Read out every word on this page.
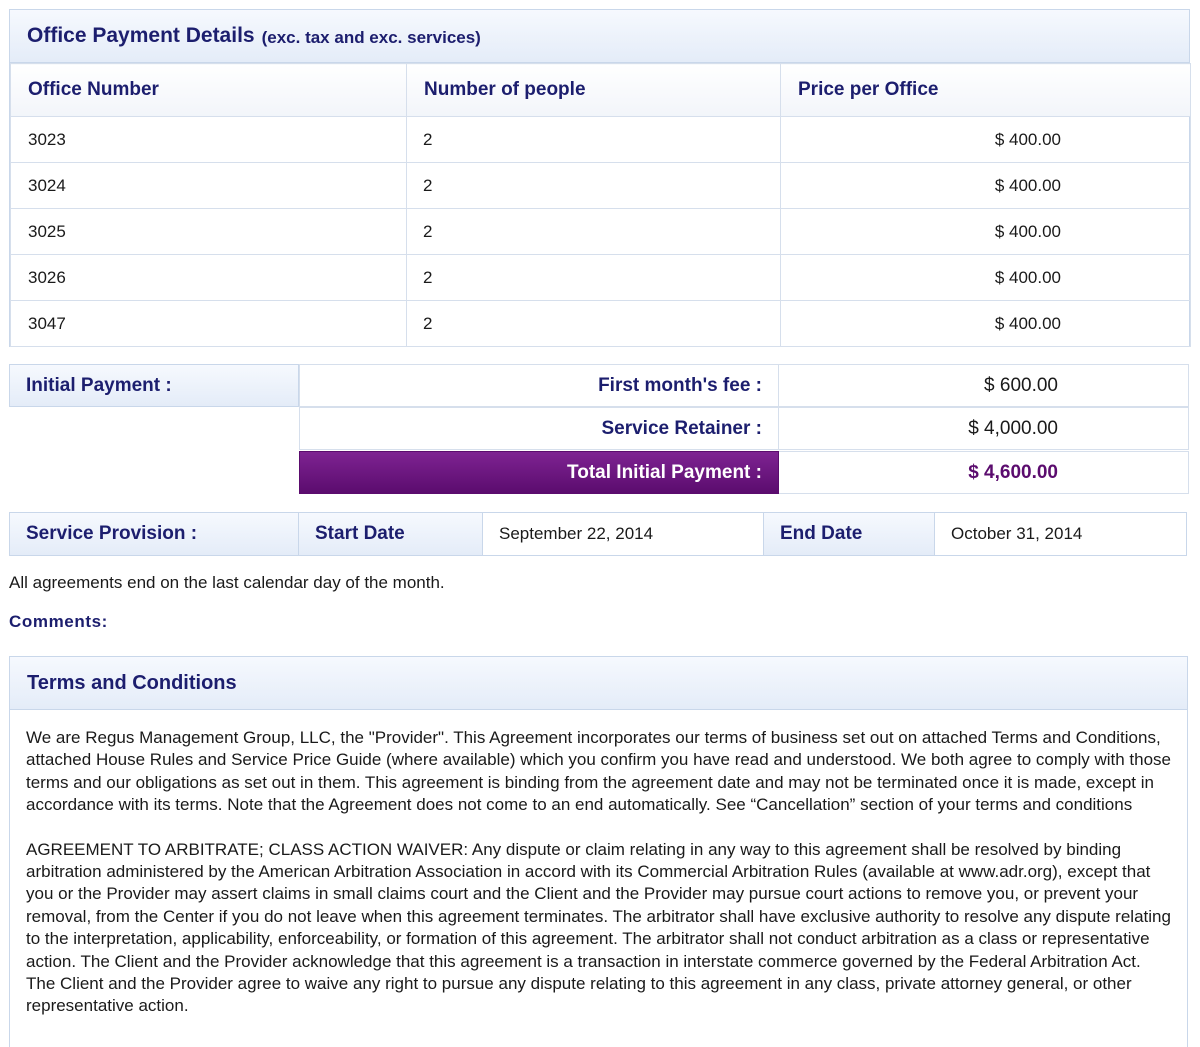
Office Payment Details (exc. tax and exc. services)
Office Number	Number of people	Price per Office
3023	2	$ 400.00
3024	2	$ 400.00
3025	2	$ 400.00
3026	2	$ 400.00
3047	2	$ 400.00
Initial Payment :	First month's fee :	$ 600.00
Service Retainer :	$ 4,000.00
Total Initial Payment :	$ 4,600.00
Service Provision :	Start Date	September 22, 2014	End Date	October 31, 2014
All agreements end on the last calendar day of the month.
Comments:
Terms and Conditions

We are Regus Management Group, LLC, the "Provider". This Agreement incorporates our terms of business set out on attached Terms and Conditions, attached House Rules and Service Price Guide (where available) which you confirm you have read and understood. We both agree to comply with those terms and our obligations as set out in them. This agreement is binding from the agreement date and may not be terminated once it is made, except in accordance with its terms. Note that the Agreement does not come to an end automatically. See “Cancellation” section of your terms and conditions

AGREEMENT TO ARBITRATE; CLASS ACTION WAIVER: Any dispute or claim relating in any way to this agreement shall be resolved by binding arbitration administered by the American Arbitration Association in accord with its Commercial Arbitration Rules (available at www.adr.org), except that you or the Provider may assert claims in small claims court and the Client and the Provider may pursue court actions to remove you, or prevent your removal, from the Center if you do not leave when this agreement terminates. The arbitrator shall have exclusive authority to resolve any dispute relating to the interpretation, applicability, enforceability, or formation of this agreement. The arbitrator shall not conduct arbitration as a class or representative action. The Client and the Provider acknowledge that this agreement is a transaction in interstate commerce governed by the Federal Arbitration Act. The Client and the Provider agree to waive any right to pursue any dispute relating to this agreement in any class, private attorney general, or other representative action.
